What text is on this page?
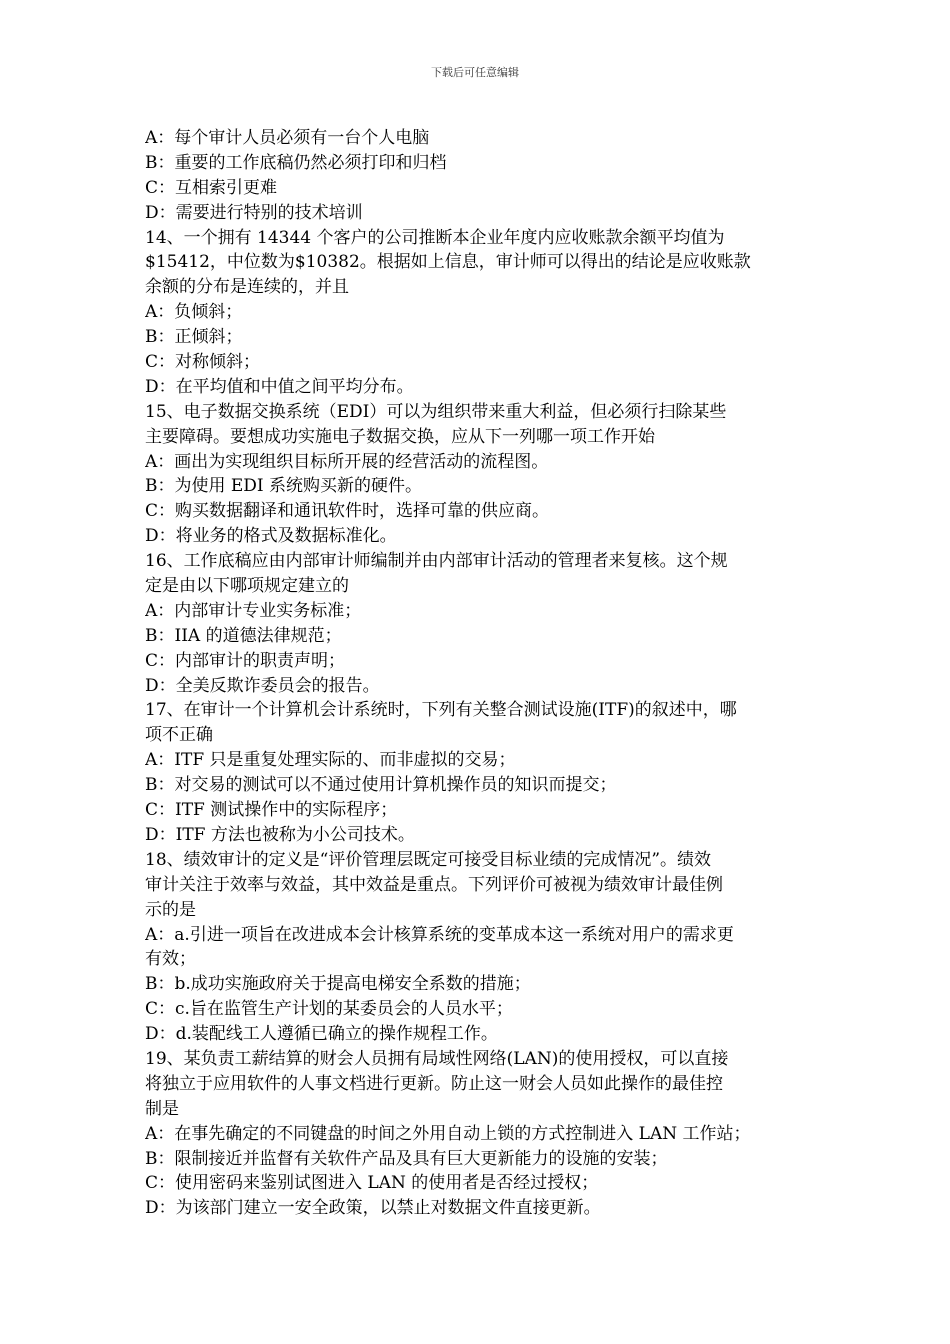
下载后可任意编辑
A：每个审计人员必须有一台个人电脑
B：重要的工作底稿仍然必须打印和归档
C：互相索引更难
D：需要进行特别的技术培训
14、一个拥有 14344 个客户的公司推断本企业年度内应收账款余额平均值为
$15412，中位数为$10382。根据如上信息，审计师可以得出的结论是应收账款
余额的分布是连续的，并且
A：负倾斜；
B：正倾斜；
C：对称倾斜；
D：在平均值和中值之间平均分布。
15、电子数据交换系统（EDI）可以为组织带来重大利益，但必须行扫除某些
主要障碍。要想成功实施电子数据交换，应从下一列哪一项工作开始
A：画出为实现组织目标所开展的经营活动的流程图。
B：为使用 EDI 系统购买新的硬件。
C：购买数据翻译和通讯软件时，选择可靠的供应商。
D：将业务的格式及数据标准化。
16、工作底稿应由内部审计师编制并由内部审计活动的管理者来复核。这个规
定是由以下哪项规定建立的
A：内部审计专业实务标准；
B：IIA 的道德法律规范；
C：内部审计的职责声明；
D：全美反欺诈委员会的报告。
17、在审计一个计算机会计系统时，下列有关整合测试设施(ITF)的叙述中，哪
项不正确
A：ITF 只是重复处理实际的、而非虚拟的交易；
B：对交易的测试可以不通过使用计算机操作员的知识而提交；
C：ITF 测试操作中的实际程序；
D：ITF 方法也被称为小公司技术。
18、绩效审计的定义是“评价管理层既定可接受目标业绩的完成情况”。绩效
审计关注于效率与效益，其中效益是重点。下列评价可被视为绩效审计最佳例
示的是
A：a.引进一项旨在改进成本会计核算系统的变革成本这一系统对用户的需求更
有效；
B：b.成功实施政府关于提高电梯安全系数的措施；
C：c.旨在监管生产计划的某委员会的人员水平；
D：d.装配线工人遵循已确立的操作规程工作。
19、某负责工薪结算的财会人员拥有局域性网络(LAN)的使用授权，可以直接
将独立于应用软件的人事文档进行更新。防止这一财会人员如此操作的最佳控
制是
A：在事先确定的不同键盘的时间之外用自动上锁的方式控制进入 LAN 工作站；
B：限制接近并监督有关软件产品及具有巨大更新能力的设施的安装；
C：使用密码来鉴别试图进入 LAN 的使用者是否经过授权；
D：为该部门建立一安全政策，以禁止对数据文件直接更新。
